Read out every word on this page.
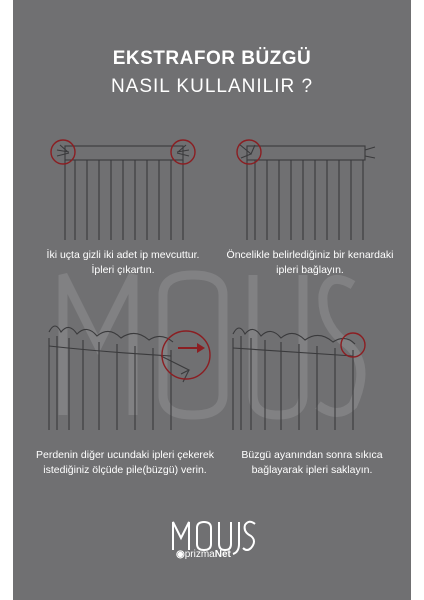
EKSTRAFOR BÜZGÜ
NASIL KULLANILIR ?
İki uçta gizli iki adet ip mevcuttur.
İpleri çıkartın.
Öncelikle belirlediğiniz bir kenardaki
ipleri bağlayın.
Perdenin diğer ucundaki ipleri çekerek
istediğiniz ölçüde pile(büzgü) verin.
Büzgü ayanından sonra sıkıca
bağlayarak ipleri saklayın.
◉prizmaNet
